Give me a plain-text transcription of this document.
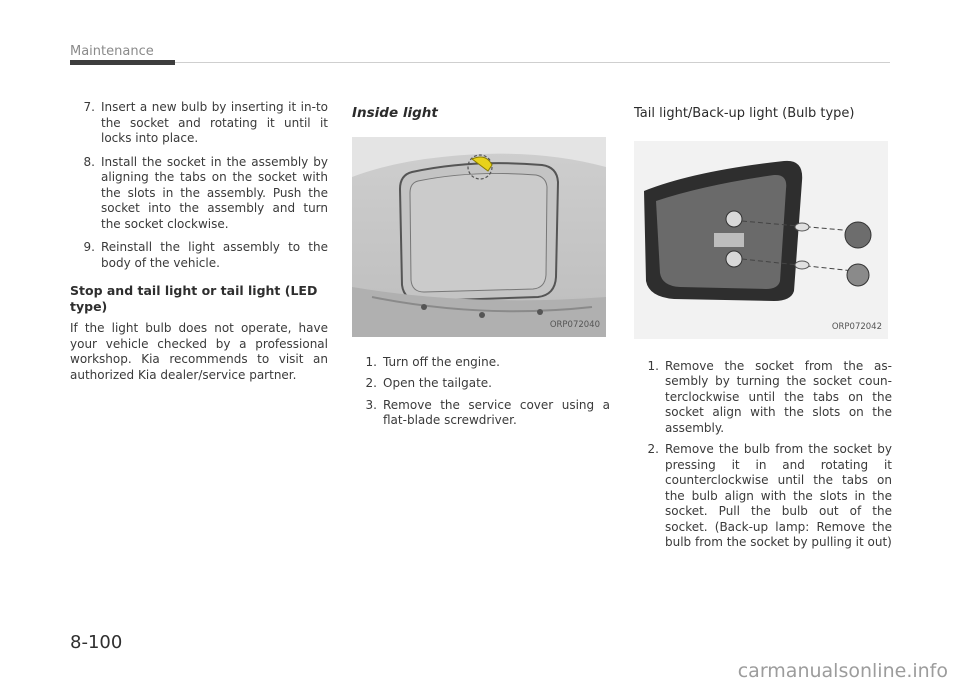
Maintenance
7. Insert a new bulb by inserting it in-to the socket and rotating it until it locks into place.
8. Install the socket in the assembly by aligning the tabs on the socket with the slots in the assembly. Push the socket into the assembly and turn the socket clockwise.
9. Reinstall the light assembly to the body of the vehicle.
Stop and tail light or tail light (LED type)

If the light bulb does not operate, have your vehicle checked by a professional workshop. Kia recommends to visit an authorized Kia dealer/service partner.

Inside light
ORP072040
1. Turn off the engine.
2. Open the tailgate.
3. Remove the service cover using a flat-blade screwdriver.
Tail light/Back-up light (Bulb type)
ORP072042
1. Remove the socket from the as-sembly by turning the socket coun-terclockwise until the tabs on the socket align with the slots on the assembly.
2. Remove the bulb from the socket by pressing it in and rotating it counterclockwise until the tabs on the bulb align with the slots in the socket. Pull the bulb out of the socket. (Back-up lamp: Remove the bulb from the socket by pulling it out)
8-100
carmanualsonline.info
